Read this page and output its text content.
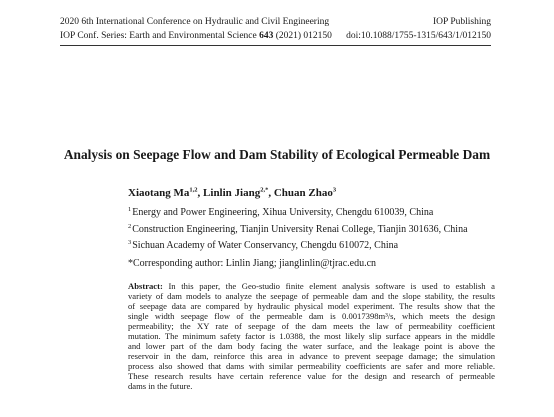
2020 6th International Conference on Hydraulic and Civil Engineering	IOP Publishing
IOP Conf. Series: Earth and Environmental Science 643 (2021) 012150 doi:10.1088/1755-1315/643/1/012150
Analysis on Seepage Flow and Dam Stability of Ecological Permeable Dam
Xiaotang Ma$^{1,2}$, Linlin Jiang$^{2,*}$, Chuan Zhao$^3$
$^1$Energy and Power Engineering, Xihua University, Chengdu 610039, China
$^2$Construction Engineering, Tianjin University Renai College, Tianjin 301636, China
$^3$Sichuan Academy of Water Conservancy, Chengdu 610072, China
*Corresponding author: Linlin Jiang; jianglinlin@tjrac.edu.cn
Abstract: In this paper, the Geo-studio finite element analysis software is used to establish a
variety of dam models to analyze the seepage of permeable dam and the slope stability, the results
of seepage data are compared by hydraulic physical model experiment. The results show that the
single width seepage flow of the permeable dam is 0.0017398m³/s, which meets the design
permeability; the XY rate of seepage of the dam meets the law of permeability coefficient
mutation. The minimum safety factor is 1.0388, the most likely slip surface appears in the middle
and lower part of the dam body facing the water surface, and the leakage point is above the
reservoir in the dam, reinforce this area in advance to prevent seepage damage; the simulation
process also showed that dams with similar permeability coefficients are safer and more reliable.
These research results have certain reference value for the design and research of permeable
dams in the future.
